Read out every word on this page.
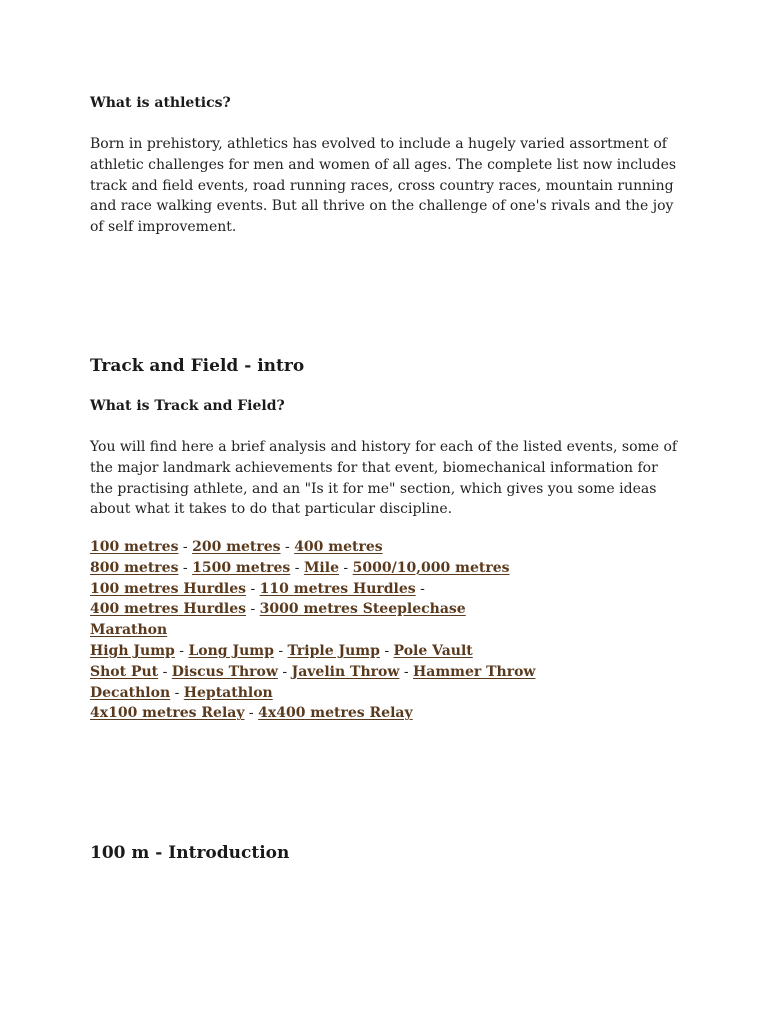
What is athletics?
Born in prehistory, athletics has evolved to include a hugely varied assortment of athletic challenges for men and women of all ages. The complete list now includes track and field events, road running races, cross country races, mountain running and race walking events. But all thrive on the challenge of one's rivals and the joy of self improvement.
Track and Field - intro
What is Track and Field?
You will find here a brief analysis and history for each of the listed events, some of the major landmark achievements for that event, biomechanical information for the practising athlete, and an "Is it for me" section, which gives you some ideas about what it takes to do that particular discipline.
100 metres - 200 metres - 400 metres
800 metres - 1500 metres - Mile - 5000/10,000 metres
100 metres Hurdles - 110 metres Hurdles -
400 metres Hurdles - 3000 metres Steeplechase
Marathon
High Jump - Long Jump - Triple Jump - Pole Vault
Shot Put - Discus Throw - Javelin Throw - Hammer Throw
Decathlon - Heptathlon
4x100 metres Relay - 4x400 metres Relay
100 m - Introduction
